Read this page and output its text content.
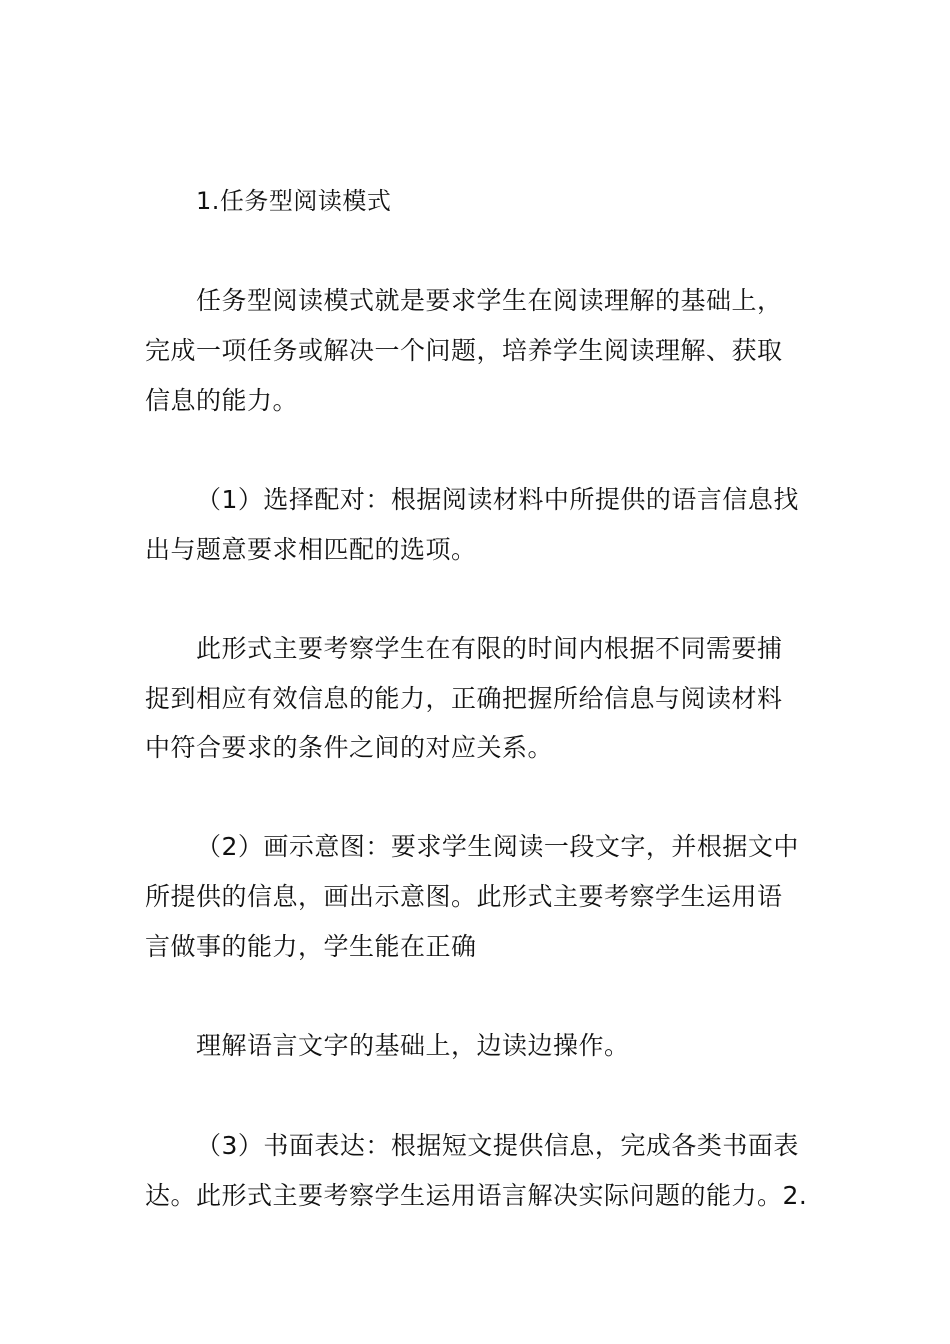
1.任务型阅读模式
任务型阅读模式就是要求学生在阅读理解的基础上，
完成一项任务或解决一个问题，培养学生阅读理解、获取
信息的能力。
（1）选择配对：根据阅读材料中所提供的语言信息找
出与题意要求相匹配的选项。
此形式主要考察学生在有限的时间内根据不同需要捕
捉到相应有效信息的能力，正确把握所给信息与阅读材料
中符合要求的条件之间的对应关系。
（2）画示意图：要求学生阅读一段文字，并根据文中
所提供的信息，画出示意图。此形式主要考察学生运用语
言做事的能力，学生能在正确
理解语言文字的基础上，边读边操作。
（3）书面表达：根据短文提供信息，完成各类书面表
达。此形式主要考察学生运用语言解决实际问题的能力。2.
